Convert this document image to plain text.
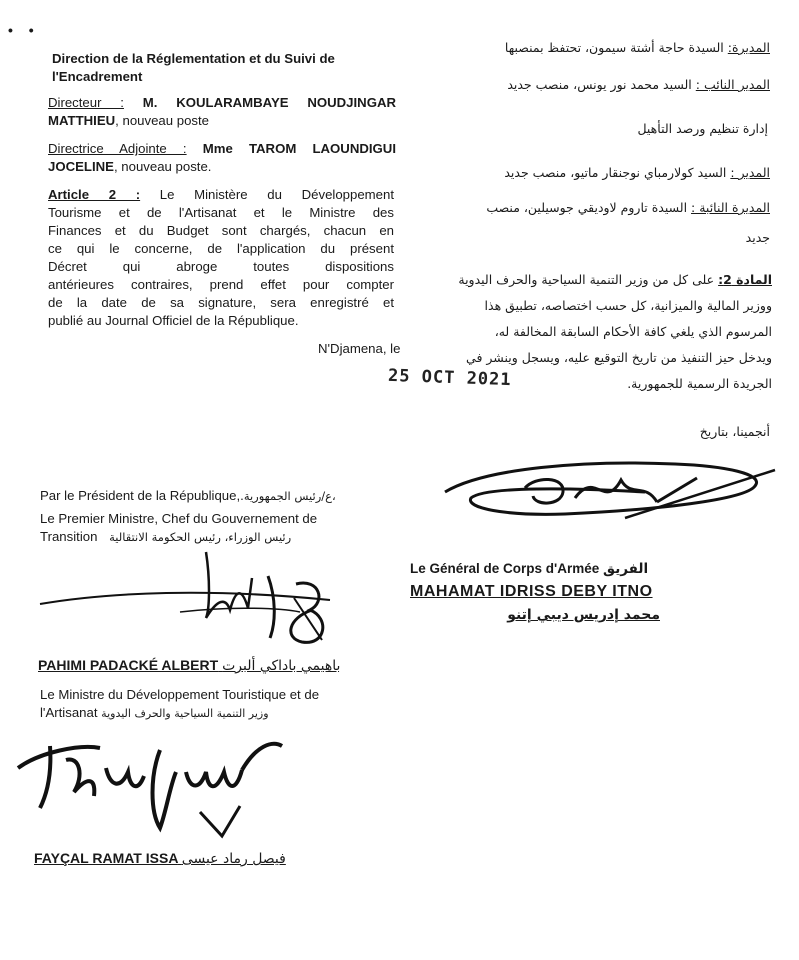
• •
Direction de la Réglementation et du Suivi de l'Encadrement
Directeur : M. KOULARAMBAYE NOUDJINGAR
MATTHIEU, nouveau poste
Directrice Adjointe : Mme TAROM LAOUNDIGUI
JOCELINE, nouveau poste.
Article 2 : Le Ministère du Développement
Tourisme et de l'Artisanat et le Ministre des
Finances et du Budget sont chargés, chacun en
ce qui le concerne, de l'application du présent
Décret qui abroge toutes dispositions
antérieures contraires, prend effet pour compter
de la date de sa signature, sera enregistré et
publié au Journal Officiel de la République.
N'Djamena, le
25 OCT 2021
المديرة: السيدة حاجة أشتة سيمون، تحتفظ بمنصبها
المدير النائب : السيد محمد نور يونس، منصب جديد
إدارة تنظيم ورصد التأهيل
المدير : السيد كولارمباي نوجنقار ماتيو، منصب جديد
المديرة النائبة : السيدة تاروم لاوديقي جوسيلين، منصب
جديد
المادة 2: على كل من وزير التنمية السياحية والحرف اليدوية
ووزير المالية والميزانية، كل حسب اختصاصه، تطبيق هذا
المرسوم الذي يلغي كافة الأحكام السابقة المخالفة له،
ويدخل حيز التنفيذ من تاريخ التوقيع عليه، ويسجل وينشر في
الجريدة الرسمية للجمهورية.
أنجمينا، بتاريخ
Le Général de Corps d'Armée الفريق
MAHAMAT IDRISS DEBY ITNO
محمد إدريس ديبي إتنو
Par le Président de la République,.ع/رئيس الجمهورية،
Le Premier Ministre, Chef du Gouvernement de
Transition رئيس الوزراء، رئيس الحكومة الانتقالية
PAHIMI PADACKÉ ALBERT باهيمي باداكي ألبرت
Le Ministre du Développement Touristique et de
l'Artisanat وزير التنمية السياحية والحرف اليدوية
FAYÇAL RAMAT ISSA فيصل رماد عيسى
